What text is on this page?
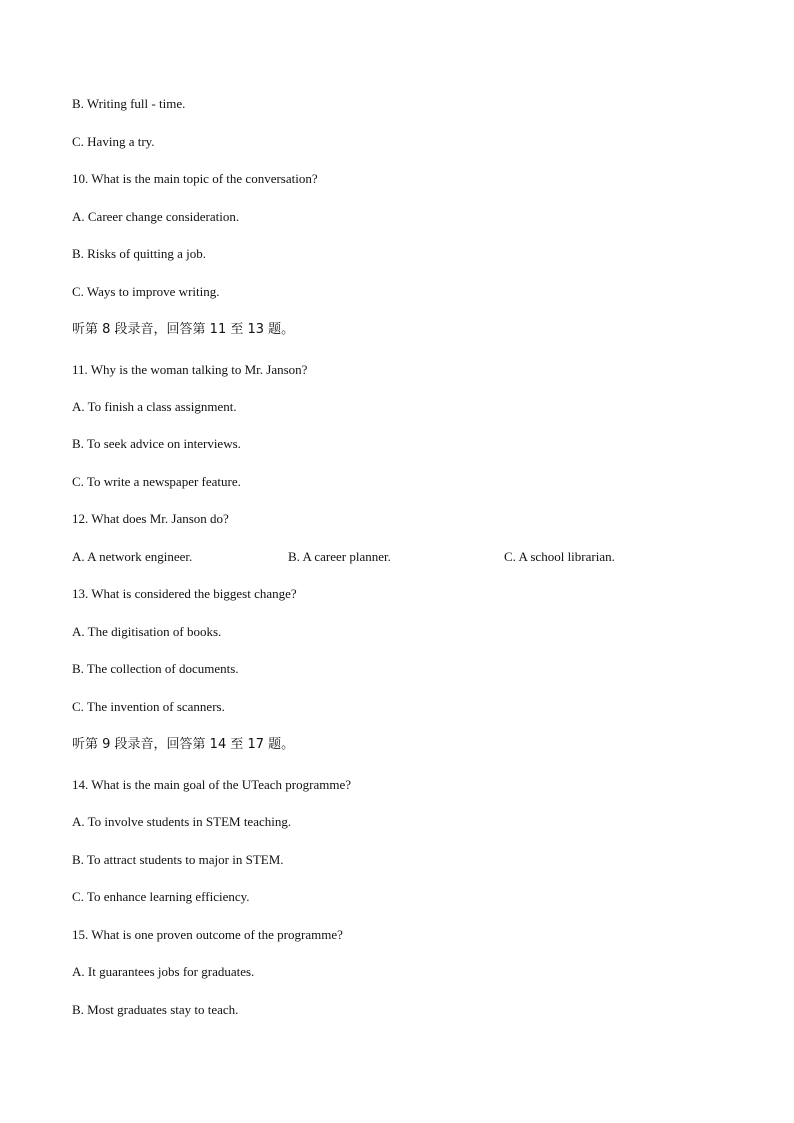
B. Writing full - time.
C. Having a try.
10. What is the main topic of the conversation?
A. Career change consideration.
B. Risks of quitting a job.
C. Ways to improve writing.
听第 8 段录音，回答第 11 至 13 题。
11. Why is the woman talking to Mr. Janson?
A. To finish a class assignment.
B. To seek advice on interviews.
C. To write a newspaper feature.
12. What does Mr. Janson do?
A. A network engineer.	B. A career planner.	C. A school librarian.
13. What is considered the biggest change?
A. The digitisation of books.
B. The collection of documents.
C. The invention of scanners.
听第 9 段录音，回答第 14 至 17 题。
14. What is the main goal of the UTeach programme?
A. To involve students in STEM teaching.
B. To attract students to major in STEM.
C. To enhance learning efficiency.
15. What is one proven outcome of the programme?
A. It guarantees jobs for graduates.
B. Most graduates stay to teach.
